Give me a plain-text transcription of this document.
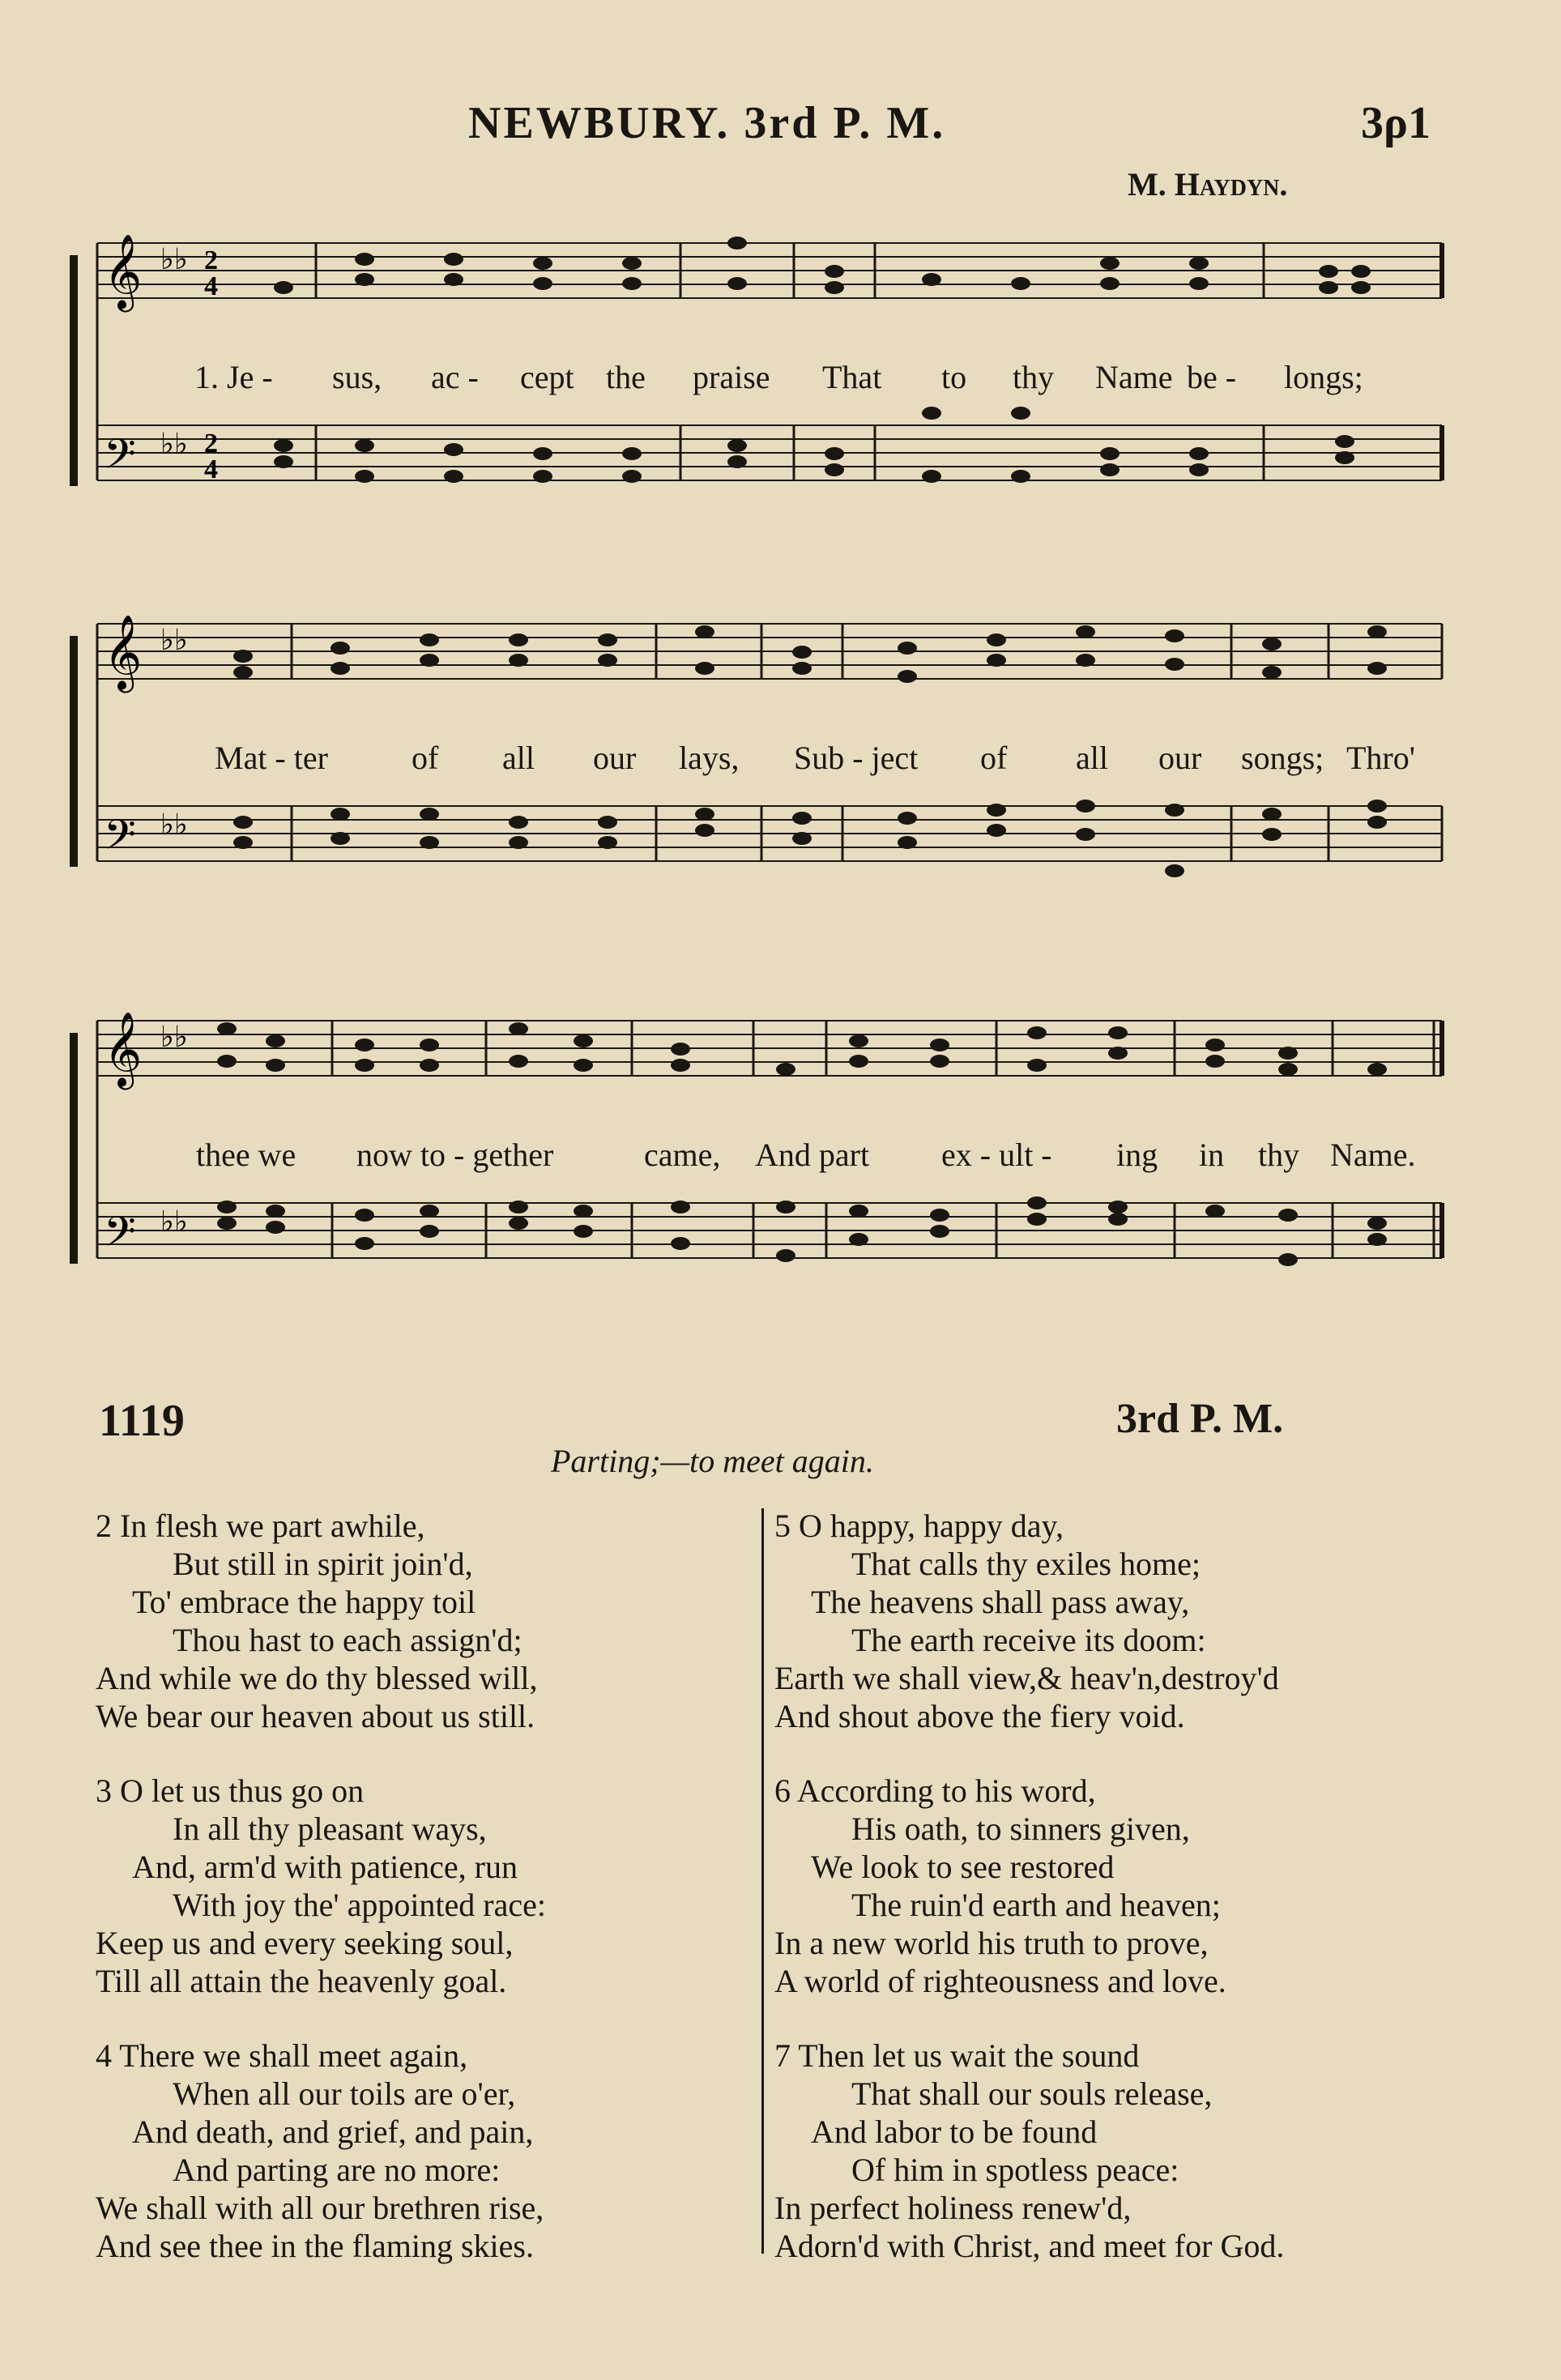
NEWBURY. 3rd P. M.	3ρ1
M. Haydyn.
𝄞
𝄢
♭♭
♭♭
2
4
2
4
1. Je - sus, ac - cept the praise That to thy Name be - longs;
𝄞
𝄢
♭♭
♭♭
Mat - ter	of all our lays, Sub - ject of all our songs; Thro'
𝄞
𝄢
♭♭
♭♭
thee we now to - gether	came, And part ex - ult - ing in thy Name.
1119	3rd P. M.
Parting;—to meet again.
2 In flesh we part awhile,
But still in spirit join'd,
To' embrace the happy toil
Thou hast to each assign'd;
And while we do thy blessed will,
We bear our heaven about us still.
3 O let us thus go on
In all thy pleasant ways,
And, arm'd with patience, run
With joy the' appointed race:
Keep us and every seeking soul,
Till all attain the heavenly goal.
4 There we shall meet again,
When all our toils are o'er,
And death, and grief, and pain,
And parting are no more:
We shall with all our brethren rise,
And see thee in the flaming skies.
5 O happy, happy day,
That calls thy exiles home;
The heavens shall pass away,
The earth receive its doom:
Earth we shall view,& heav'n,destroy'd
And shout above the fiery void.
6 According to his word,
His oath, to sinners given,
We look to see restored
The ruin'd earth and heaven;
In a new world his truth to prove,
A world of righteousness and love.
7 Then let us wait the sound
That shall our souls release,
And labor to be found
Of him in spotless peace:
In perfect holiness renew'd,
Adorn'd with Christ, and meet for God.
